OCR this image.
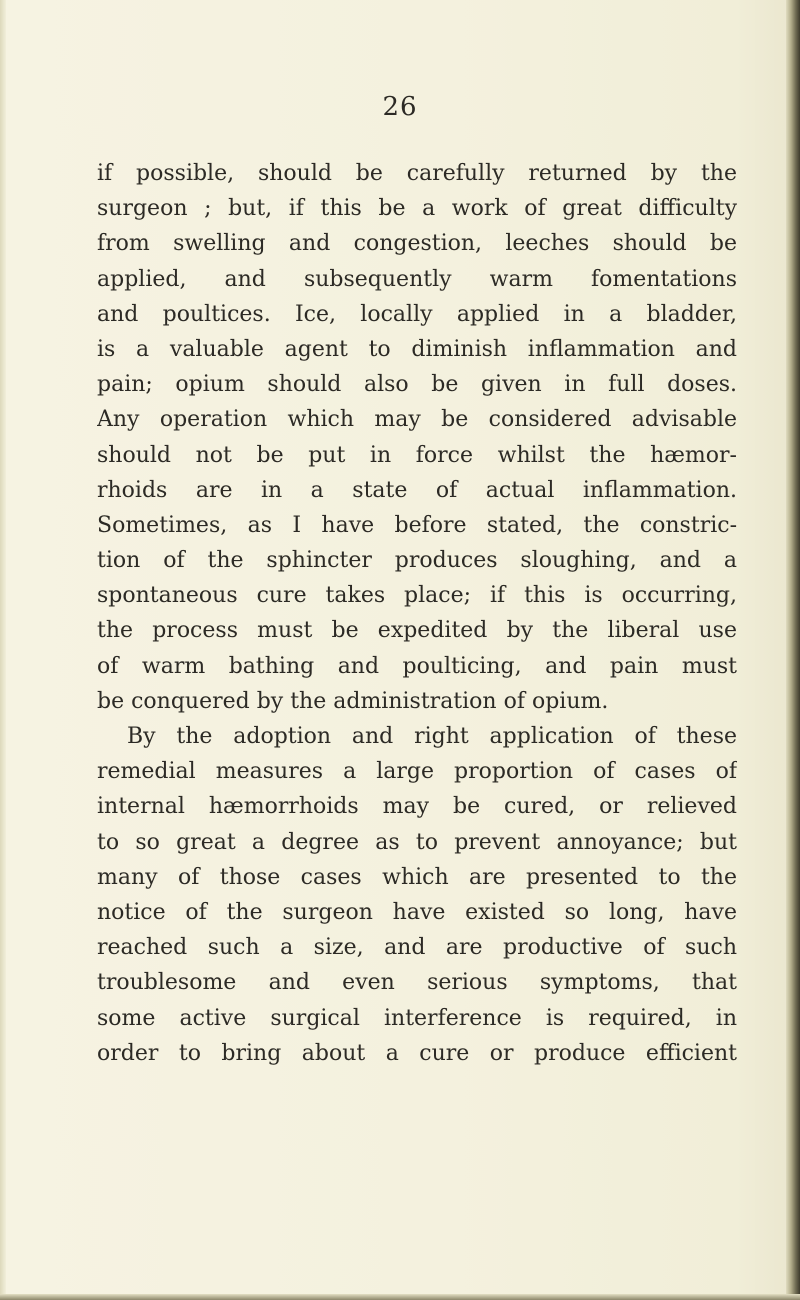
26

if possible, should be carefully returned by the
surgeon ; but, if this be a work of great difficulty
from swelling and congestion, leeches should be
applied, and subsequently warm fomentations
and poultices. Ice, locally applied in a bladder,
is a valuable agent to diminish inflammation and
pain; opium should also be given in full doses.
Any operation which may be considered advisable
should not be put in force whilst the hæmor-
rhoids are in a state of actual inflammation.
Sometimes, as I have before stated, the constric-
tion of the sphincter produces sloughing, and a
spontaneous cure takes place; if this is occurring,
the process must be expedited by the liberal use
of warm bathing and poulticing, and pain must
be conquered by the administration of opium.
By the adoption and right application of these
remedial measures a large proportion of cases of
internal hæmorrhoids may be cured, or relieved
to so great a degree as to prevent annoyance; but
many of those cases which are presented to the
notice of the surgeon have existed so long, have
reached such a size, and are productive of such
troublesome and even serious symptoms, that
some active surgical interference is required, in
order to bring about a cure or produce efficient
